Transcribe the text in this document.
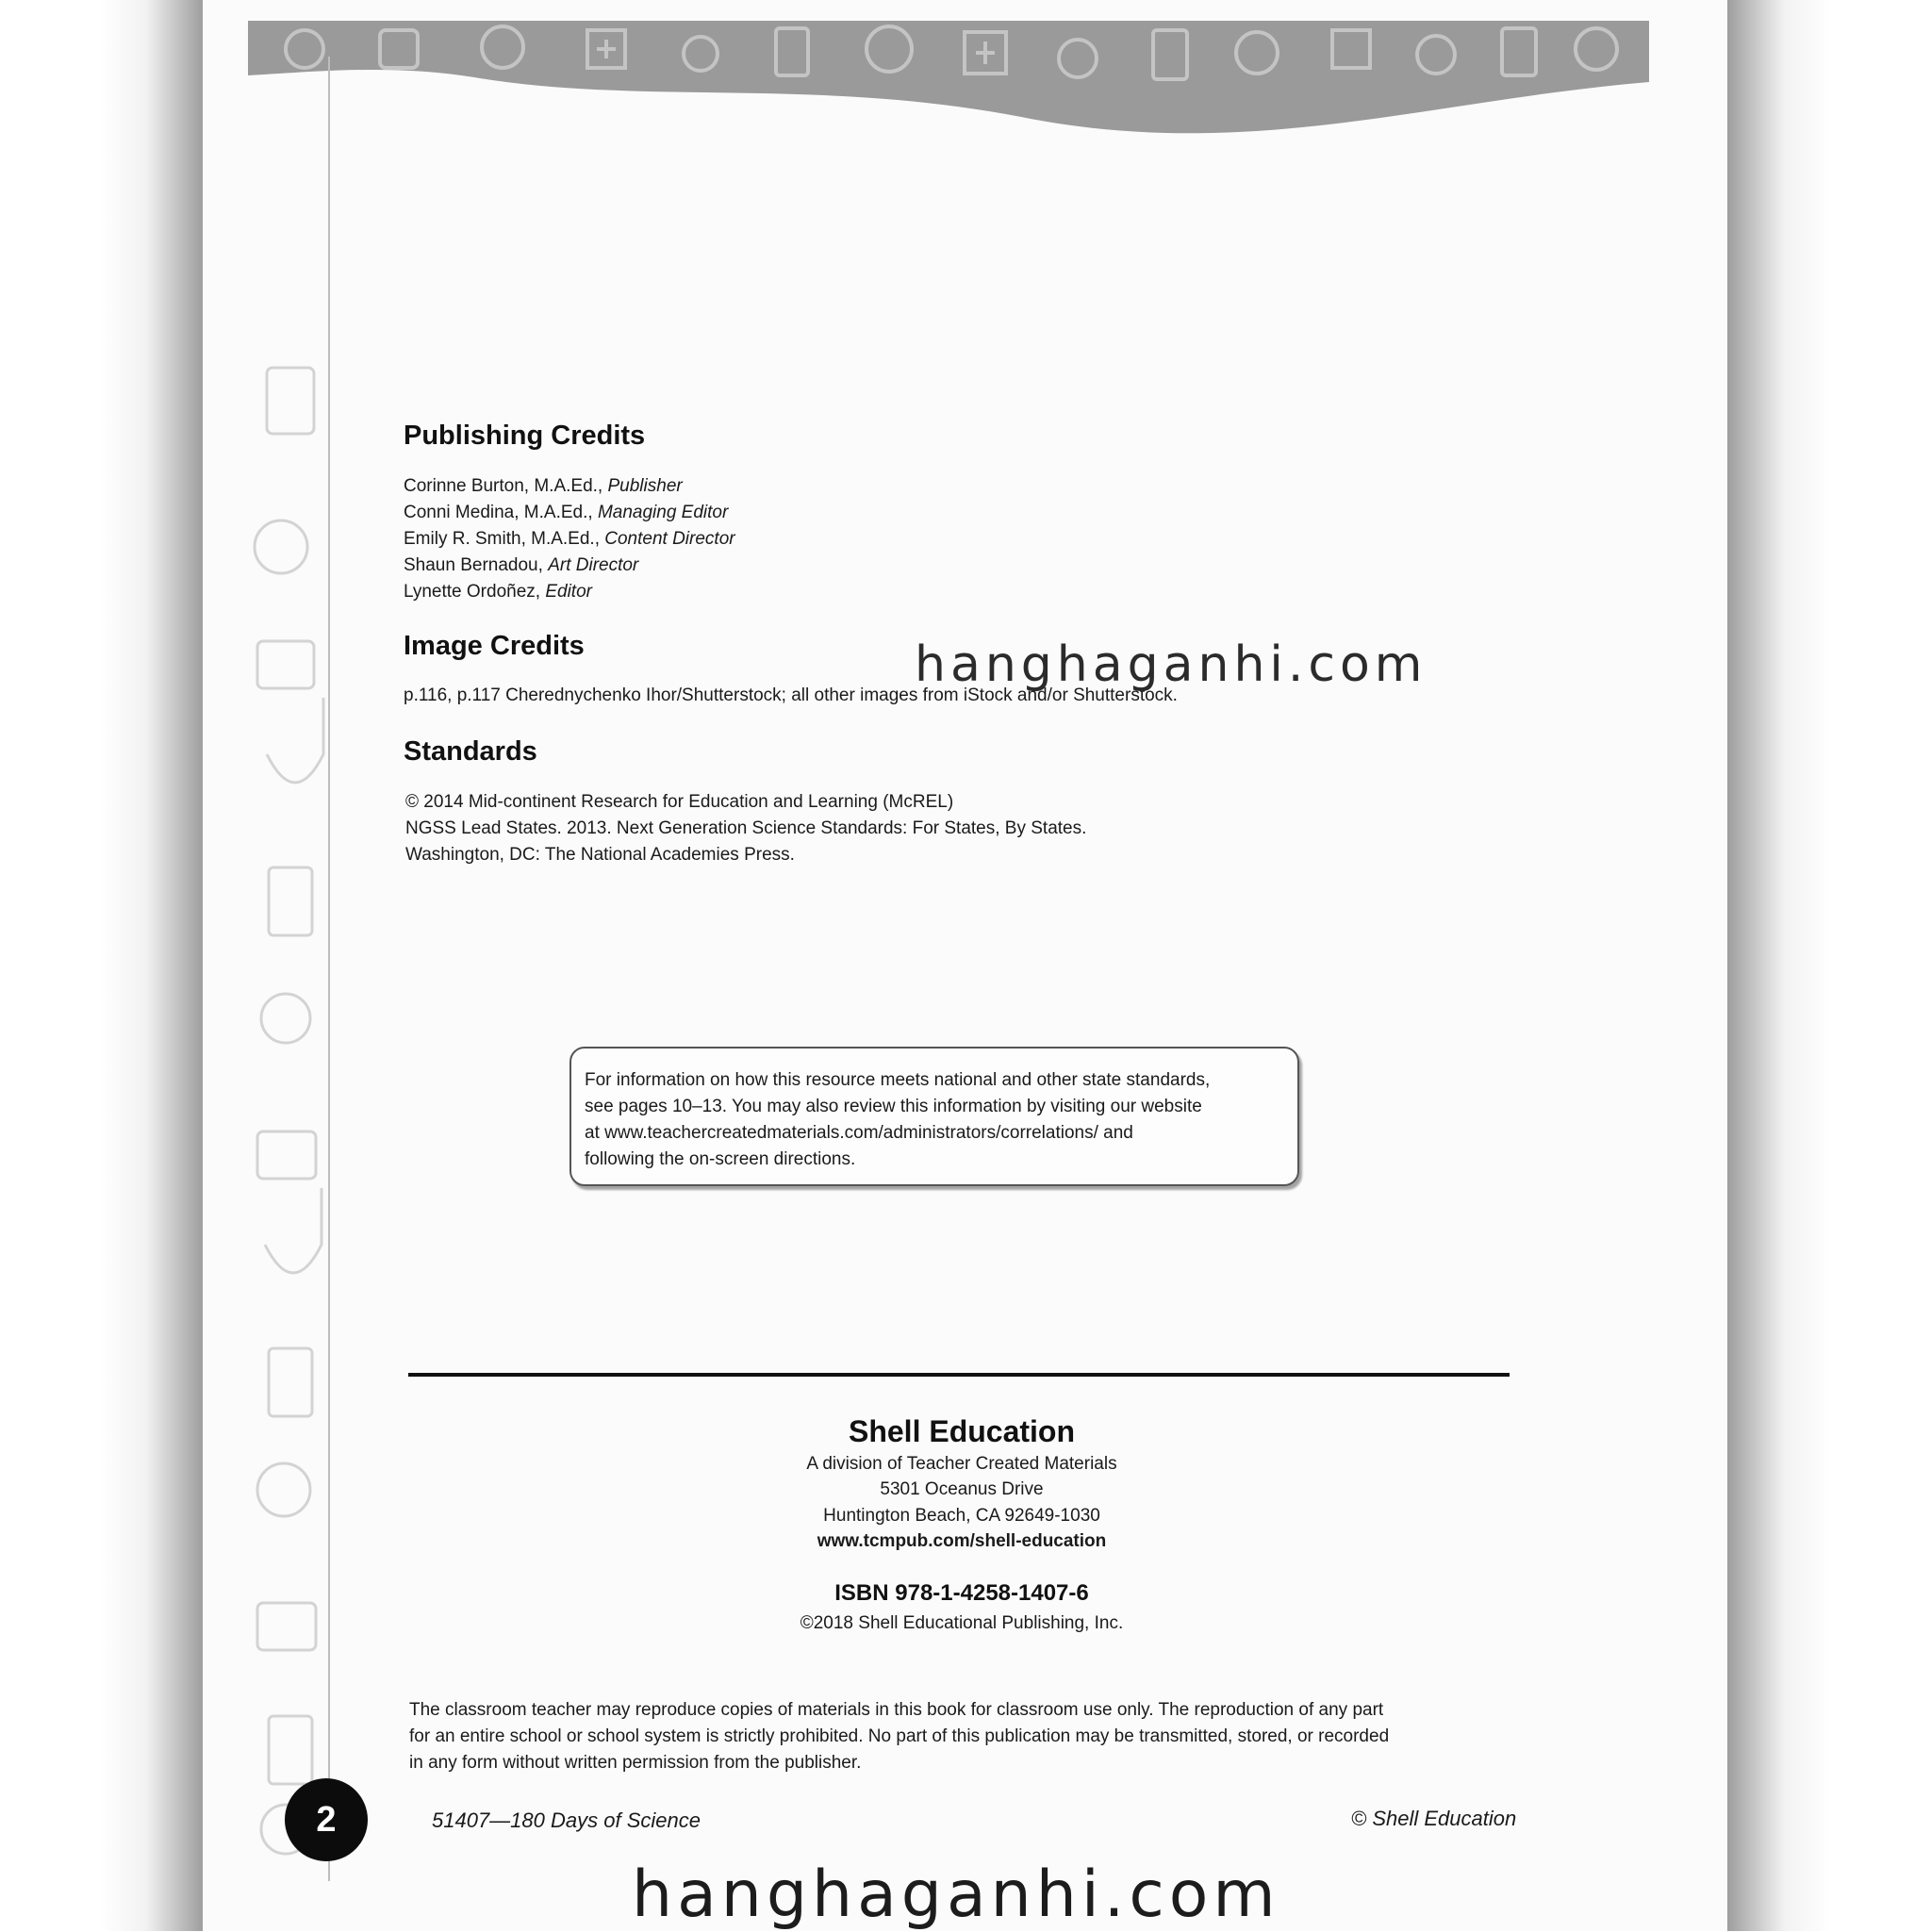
Publishing Credits
Corinne Burton, M.A.Ed., Publisher
Conni Medina, M.A.Ed., Managing Editor
Emily R. Smith, M.A.Ed., Content Director
Shaun Bernadou, Art Director
Lynette Ordoñez, Editor
Image Credits
p.116, p.117 Cherednychenko Ihor/Shutterstock; all other images from iStock and/or Shutterstock.
Standards
© 2014 Mid-continent Research for Education and Learning (McREL)
NGSS Lead States. 2013. Next Generation Science Standards: For States, By States.
Washington, DC: The National Academies Press.
For information on how this resource meets national and other state standards,
see pages 10–13. You may also review this information by visiting our website
at www.teachercreatedmaterials.com/administrators/correlations/ and
following the on-screen directions.
Shell Education
A division of Teacher Created Materials
5301 Oceanus Drive
Huntington Beach, CA 92649-1030
www.tcmpub.com/shell-education
ISBN 978-1-4258-1407-6
©2018 Shell Educational Publishing, Inc.
The classroom teacher may reproduce copies of materials in this book for classroom use only. The reproduction of any part
for an entire school or school system is strictly prohibited. No part of this publication may be transmitted, stored, or recorded
in any form without written permission from the publisher.
2	51407—180 Days of Science	© Shell Education
hanghaganhi.com
hanghaganhi.com
